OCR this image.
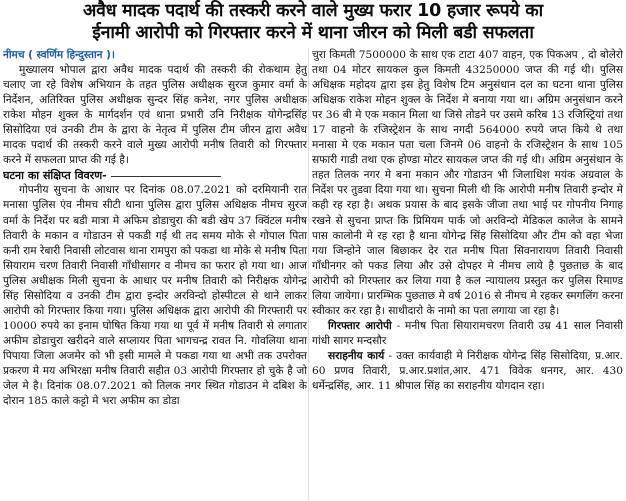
अवैध मादक पदार्थ की तस्करी करने वाले मुख्य फरार 10 हजार रूपये का
ईनामी आरोपी को गिरफ्तार करने में थाना जीरन को मिली बडी सफलता
नीमच ( स्वर्णिम हिन्दुस्तान )।

मुख्यालय भोपाल द्वारा अवैध मादक पदार्थ की तस्करी की रोकथाम हेतु चलाए जा रहे विशेष अभियान के तहत पुलिस अधीक्षक सुरज कुमार वर्मा के निर्देशन, अतिरिक्त पुलिस अधीक्षक सुन्दर सिंह कनेश, नगर पुलिस अधीक्षक राकेश मोहन शुक्ल के मार्गदर्शन एवं थाना प्रभारी उनि निरीक्षक योगेन्द्रसिंह सिसोदिया एवं उनकी टीम के द्वारा के नेतृत्व में पुलिस टीम जीरन द्वारा अवैध मादक पदार्थ की तस्करी करने वाले मुख्य आरोपी मनीष तिवारी को गिरफ्तार करने में सफलता प्राप्त की गई है।

घटना का संक्षिप्त विवरण-

गोपनीय सुचना के आधार पर दिनांक 08.07.2021 को दरमियानी रात मनासा पुलिस एंव नीमच सीटी थाना पुलिस द्वारा पुलिस अधिक्षक नीमच सुरज वर्मा के निर्देश पर बडी मात्रा मे अफिम डोडाचुरा की बडी खेप 37 क्विंटल मनीष तिवारी के मकान व गोडाउन से पकडी गई थी तद समय मोके से गोपाल पिता कनी राम रेबारी निवासी लोटवास थाना रामपुरा को पकडा था मोके से मनीष पिता सियाराम चरण तिवारी निवासी गाँधीसागर व नीमच का फरार हो गया था। आज पुलिस अधीक्षक मिली सुचना के आधार पर मनीष तिवारी को निरीक्षक योगेन्द्र सिंह सिसोदिया व उनकी टीम द्वारा इन्दोर अरविन्दो होस्पीटल से थाने लाकर आरोपी को गिरफ्तार किया गया। पुलिस अधिक्षक द्वारा आरोपी की गिरफ्तारी पर 10000 रुपये का इनाम घोषित किया गया था पूर्व में मनीष तिवारी से लगातार अफीम डोडाचुरा खरीदने वाले सप्लायर पिता भागचन्द्र रावत नि. गोवलिया थाना पिपाया जिला अजमेर को भी इसी मामले मे पकडा गया था अभी तक उपरोक्त प्रकरण मे मय अभिरक्षा मनीष तिवारी सहीत 03 आरोपी गिरफ्तार हो चुके है जो जेल मे है। दिनांक 08.07.2021 को तिलक नगर स्थित गोडाउन मे दबिश के दोरान 185 काले कट्टो मे भरा अफीम का डोडा

चुरा किमती 7500000 के साथ एक टाटा 407 वाहन, एक पिकअप , दो बोलेरो तथा 04 मोटर सायकल कुल किमती 43250000 जप्त की गई थी। पुलिस अधिक्षक महोदय द्वारा इस हेतु विशेष टिम अनुसंधान दल का घटना थाना पुलिस अधिक्षक राकेश मोहन शुक्ल के निर्देश मे बनाया गया था। अग्रिम अनुसंधान करने पर 36 बी मे एक मकान मिला था जिसे तोडने पर उसमे करिब 13 रजिस्ट्रियां तथा 17 वाहनो के रजिस्ट्रेशन के साथ नगदी 564000 रुपये जप्त किये थे तथा मनासा मे एक मकान पता चला जिनमे 06 वाहनो के रजिस्ट्रेशन के साथ 105 सफारी गाडी तथा एक होण्डा मोटर सायकल जप्त की गई थी। अग्रिम अनुसंधान के तहत तिलक नगर मे बना मकान और गोडाउन भी जिलाधिश मयंक अग्रवाल के निर्देश पर तुडवा दिया गया था। सुचना मिली थी कि आरोपी मनीष तिवारी इन्दोर मे कही रह रहा है। अथक प्रयास के बाद इसके जीजा तथा भाई पर गोपनीय निगाह रखने से सुचना प्राप्त कि प्रिमियम पार्क जो अरविन्दो मेडिकल कालेज के सामने पास कालोनी मे रह रहा है थाना योगेन्द्र सिंह सिसोदिया और टीम को वहा भेजा गया जिन्होने जाल बिछाकर देर रात मनीष पिता सिवनारायण तिवारी निवासी गाँधीनगर को पकड लिया और उसे दोपहर मे नीमच लाये है पुछताछ के बाद आरोपी को गिरफ्तार कर लिया गया है कल न्यायालय प्रस्तुत कर पुलिस रिमाण्ड लिया जायेगा। प्रारम्भिक पुछताछ मे वर्ष 2016 से नीमच मे रहकर स्मगलिंग करना स्वीकार कर रहा है। साथीदारो के नामो का पता लगाया जा रहा है।

गिरफ्तार आरोपी - मनीष पिता सियारामचरण तिवारी उम्र 41 साल निवासी गांधी सागर मन्दसौर

सराहनीय कार्य - उक्त कार्यवाही मे निरीक्षक योगेन्द्र सिंह सिसोदिया, प्र.आर. 60 प्रणव तिवारी, प्र.आर.प्रशांत,आर. 471 विवेक धनगर, आर. 430 धर्मेन्द्रसिंह, आर. 11 श्रीपाल सिंह का सराहनीय योगदान रहा।
